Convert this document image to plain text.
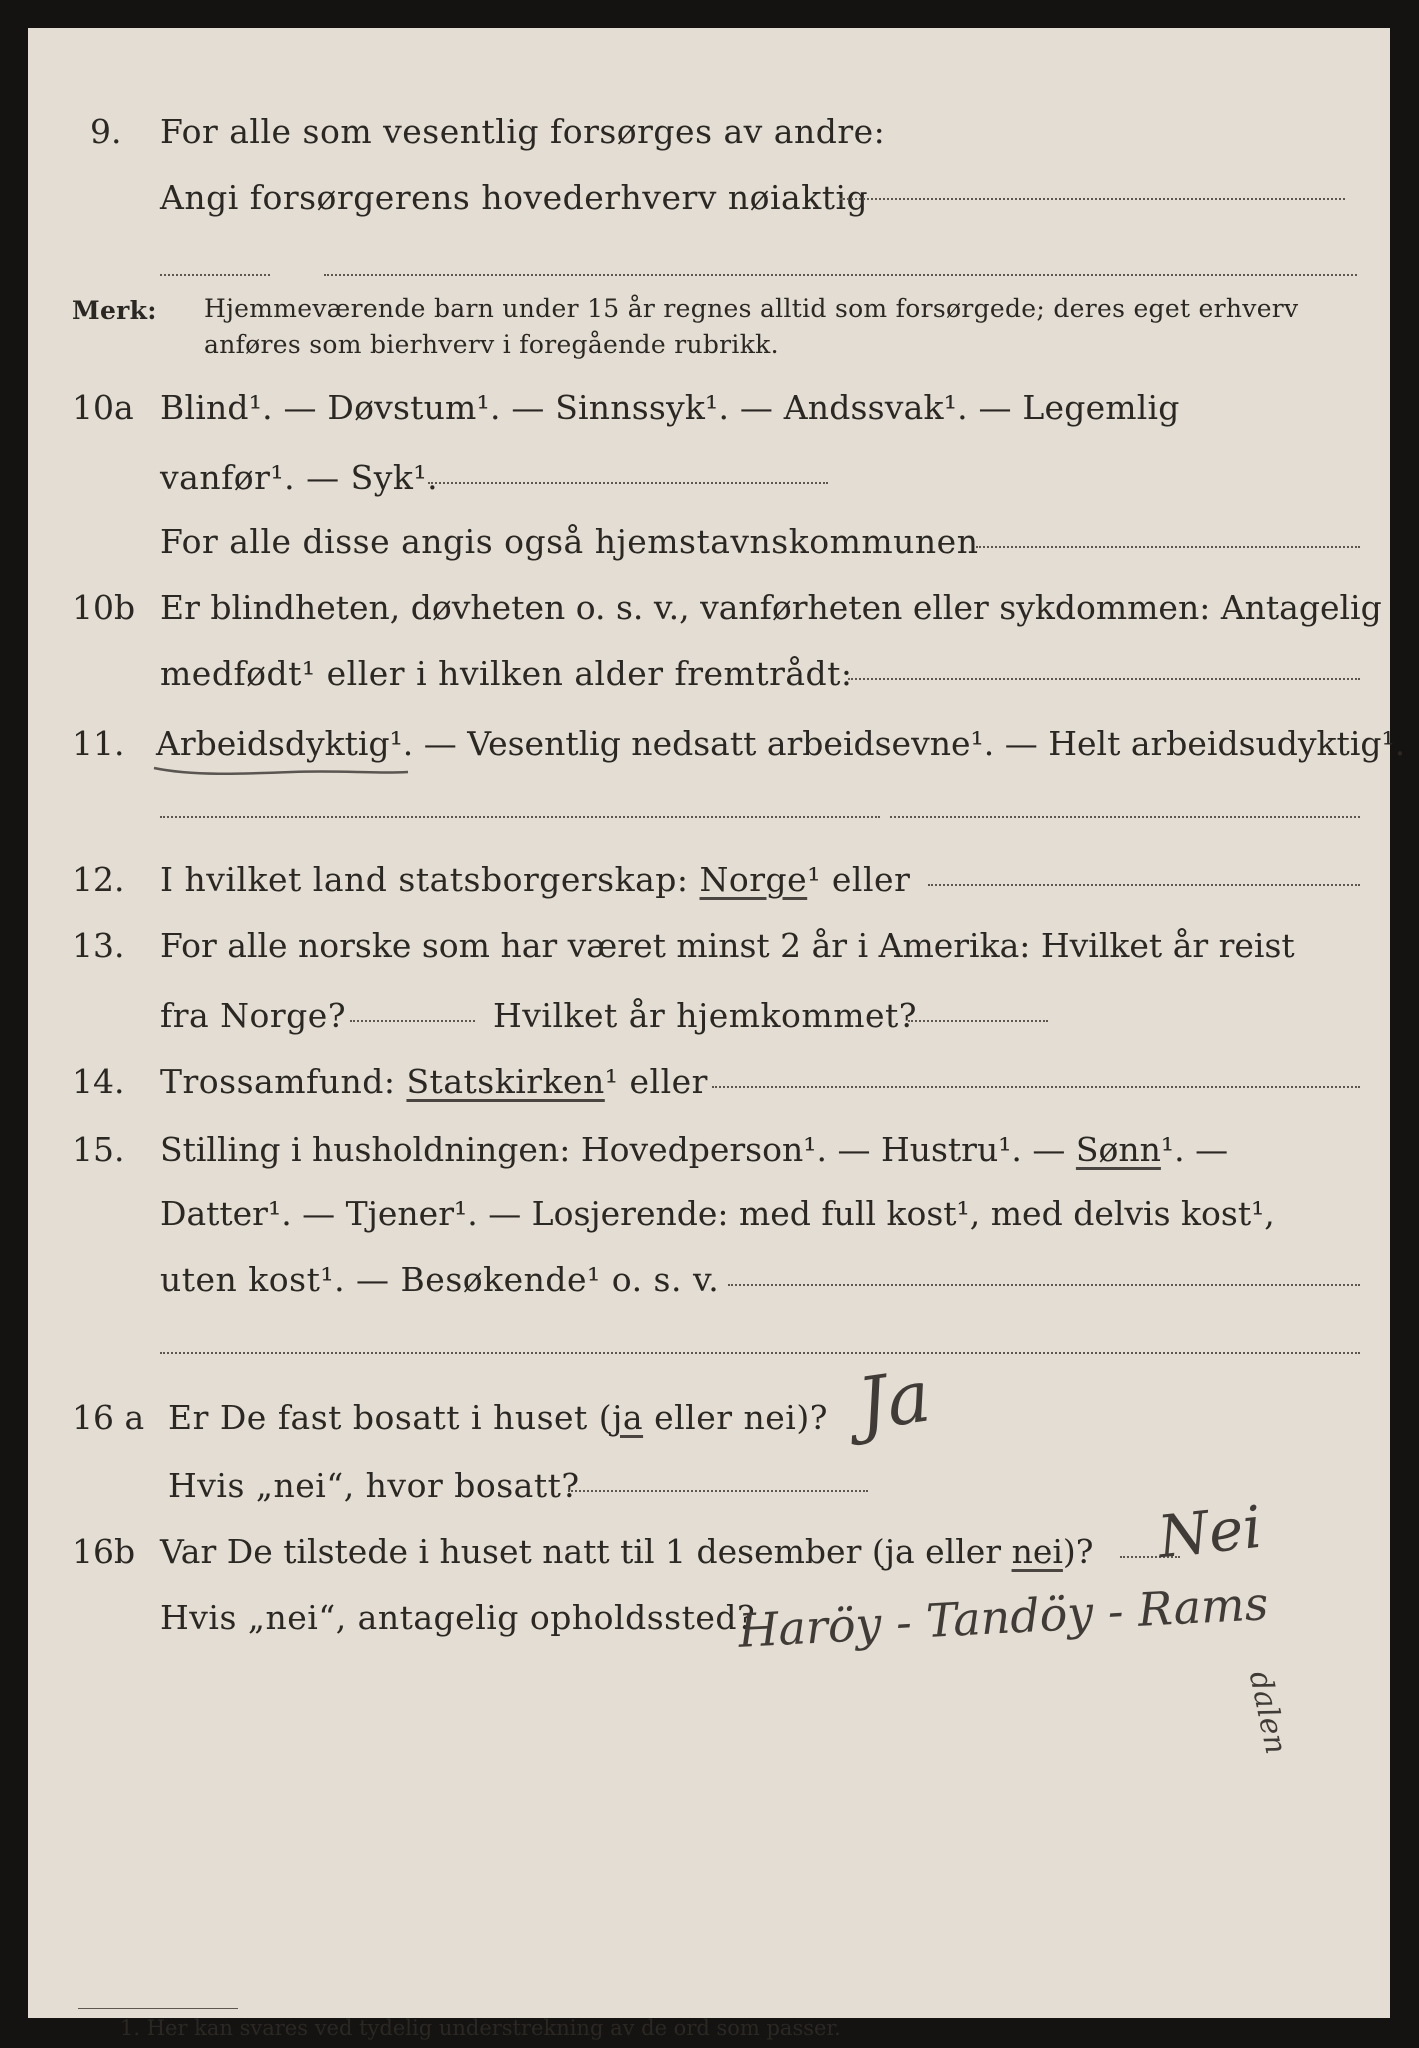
9. For alle som vesentlig forsørges av andre:
Angi forsørgerens hovederhverv nøiaktig
Merk: Hjemmeværende barn under 15 år regnes alltid som forsørgede; deres eget erhverv
anføres som bierhverv i foregående rubrikk.
10a Blind¹. — Døvstum¹. — Sinnssyk¹. — Andssvak¹. — Legemlig
vanfør¹. — Syk¹.
For alle disse angis også hjemstavnskommunen
10b Er blindheten, døvheten o. s. v., vanførheten eller sykdommen: Antagelig
medfødt¹ eller i hvilken alder fremtrådt:
11. Arbeidsdyktig¹. — Vesentlig nedsatt arbeidsevne¹. — Helt arbeidsudyktig¹.
12. I hvilket land statsborgerskap: Norge¹ eller
13. For alle norske som har været minst 2 år i Amerika: Hvilket år reist
fra Norge?	Hvilket år hjemkommet?
14. Trossamfund: Statskirken¹ eller
15. Stilling i husholdningen: Hovedperson¹. — Hustru¹. — Sønn¹. —
Datter¹. — Tjener¹. — Losjerende: med full kost¹, med delvis kost¹,
uten kost¹. — Besøkende¹ o. s. v.
16 a Er De fast bosatt i huset (ja eller nei)? Ja
Hvis „nei“, hvor bosatt?
16b Var De tilstede i huset natt til 1 desember (ja eller nei)? Nei
Hvis „nei“, antagelig opholdssted?
Haröy - Tandöy - Rams
dalen
1. Her kan svares ved tydelig understrekning av de ord som passer.
